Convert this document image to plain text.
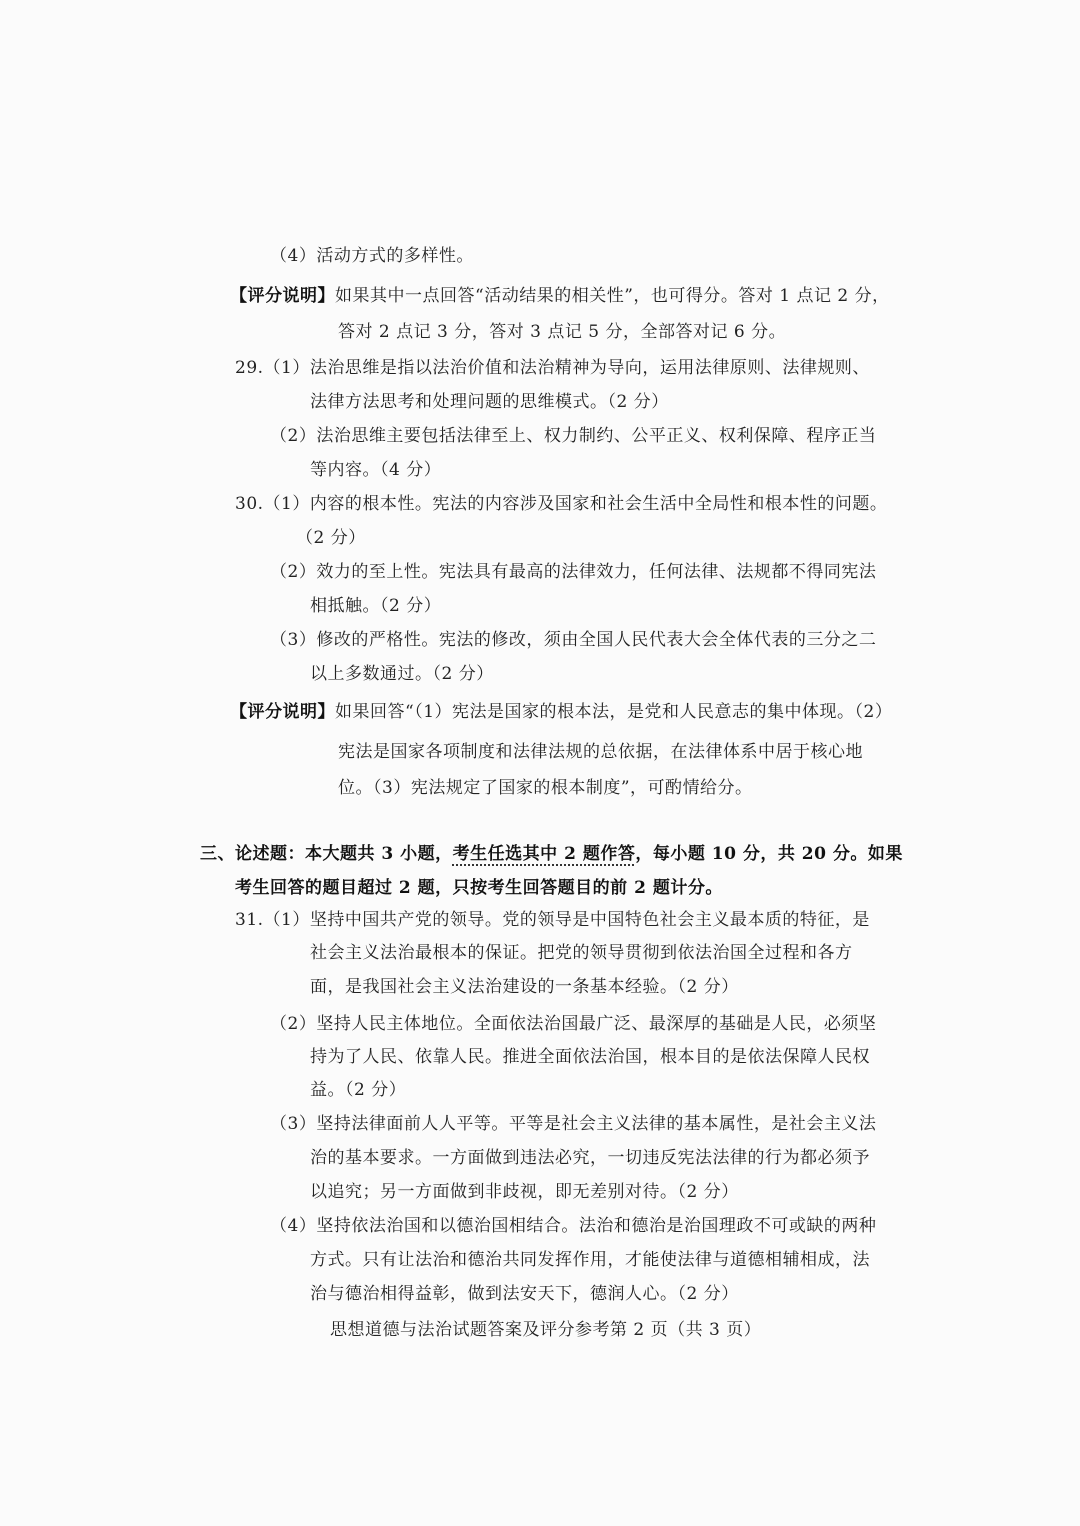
（4）活动方式的多样性。
【评分说明】如果其中一点回答“活动结果的相关性”，也可得分。答对 1 点记 2 分，
答对 2 点记 3 分，答对 3 点记 5 分，全部答对记 6 分。
29.（1）法治思维是指以法治价值和法治精神为导向，运用法律原则、法律规则、
法律方法思考和处理问题的思维模式。（2 分）
（2）法治思维主要包括法律至上、权力制约、公平正义、权利保障、程序正当
等内容。（4 分）
30.（1）内容的根本性。宪法的内容涉及国家和社会生活中全局性和根本性的问题。
（2 分）
（2）效力的至上性。宪法具有最高的法律效力，任何法律、法规都不得同宪法
相抵触。（2 分）
（3）修改的严格性。宪法的修改，须由全国人民代表大会全体代表的三分之二
以上多数通过。（2 分）
【评分说明】如果回答“（1）宪法是国家的根本法，是党和人民意志的集中体现。（2）
宪法是国家各项制度和法律法规的总依据，在法律体系中居于核心地
位。（3）宪法规定了国家的根本制度”，可酌情给分。
三、论述题：本大题共 3 小题，考生任选其中 2 题作答，每小题 10 分，共 20 分。如果
考生回答的题目超过 2 题，只按考生回答题目的前 2 题计分。
31.（1）坚持中国共产党的领导。党的领导是中国特色社会主义最本质的特征，是
社会主义法治最根本的保证。把党的领导贯彻到依法治国全过程和各方
面，是我国社会主义法治建设的一条基本经验。（2 分）
（2）坚持人民主体地位。全面依法治国最广泛、最深厚的基础是人民，必须坚
持为了人民、依靠人民。推进全面依法治国，根本目的是依法保障人民权
益。（2 分）
（3）坚持法律面前人人平等。平等是社会主义法律的基本属性，是社会主义法
治的基本要求。一方面做到违法必究，一切违反宪法法律的行为都必须予
以追究；另一方面做到非歧视，即无差别对待。（2 分）
（4）坚持依法治国和以德治国相结合。法治和德治是治国理政不可或缺的两种
方式。只有让法治和德治共同发挥作用，才能使法律与道德相辅相成，法
治与德治相得益彰，做到法安天下，德润人心。（2 分）
思想道德与法治试题答案及评分参考第 2 页（共 3 页）
